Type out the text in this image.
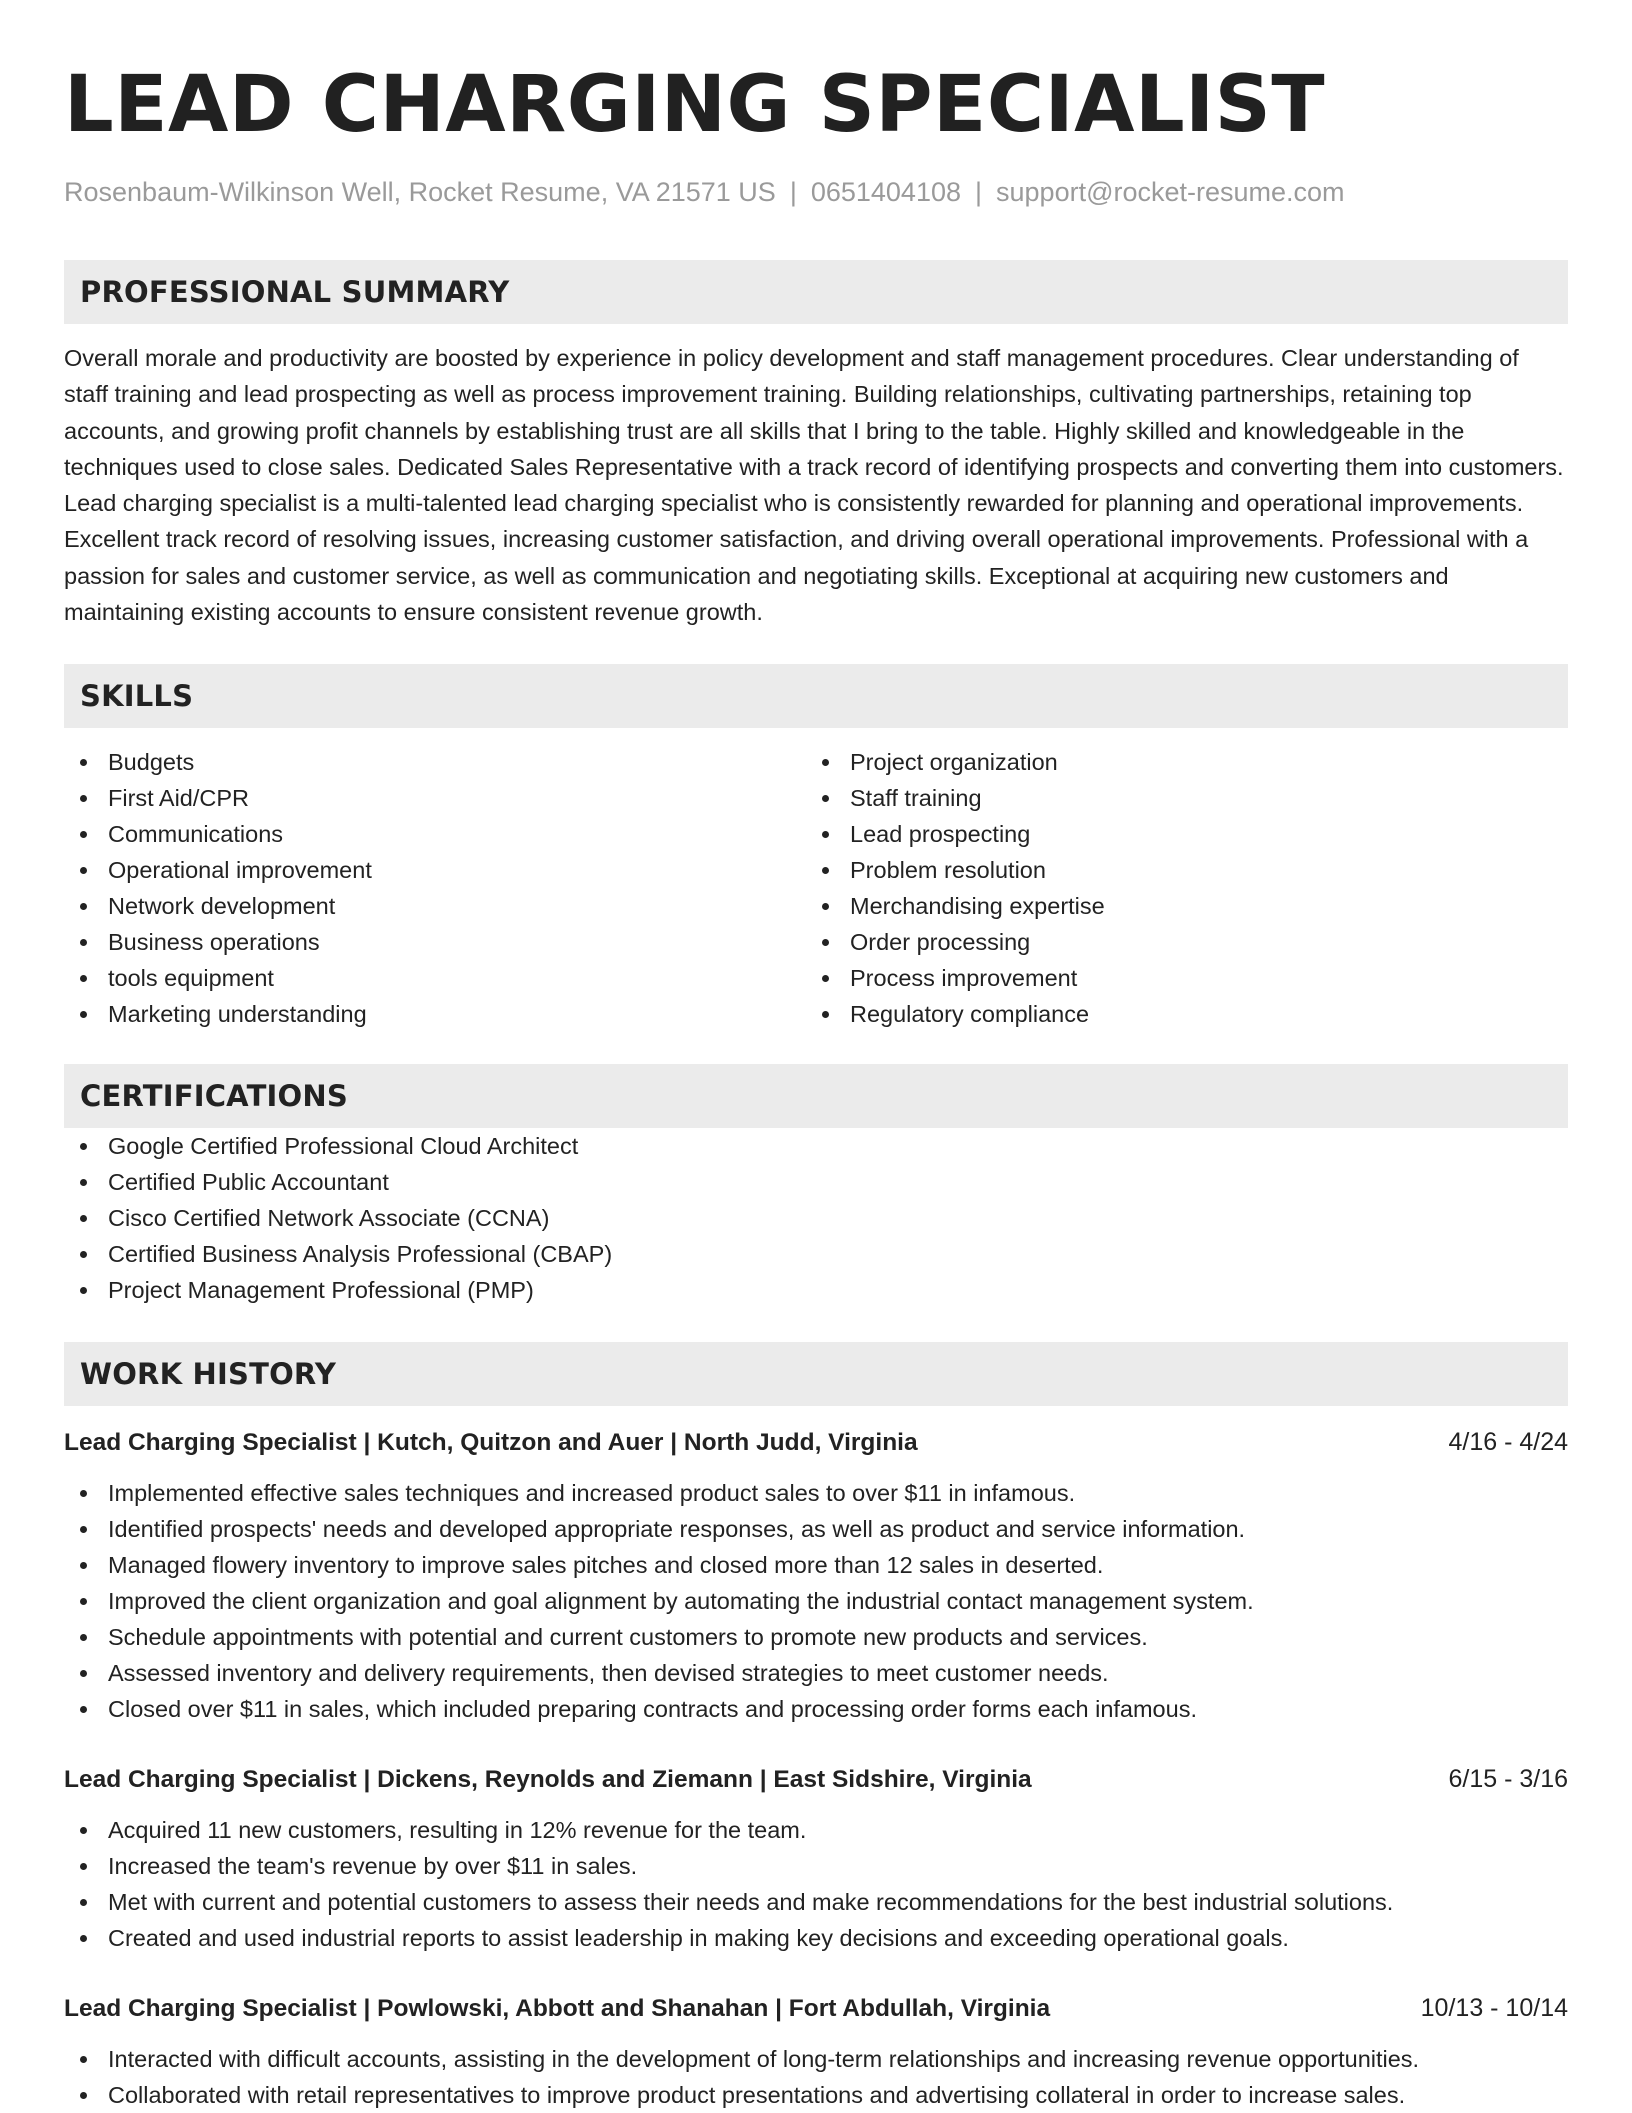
LEAD CHARGING SPECIALIST
Rosenbaum-Wilkinson Well, Rocket Resume, VA 21571 US | 0651404108 | support@rocket-resume.com
PROFESSIONAL SUMMARY

Overall morale and productivity are boosted by experience in policy development and staff management procedures. Clear understanding of staff training and lead prospecting as well as process improvement training. Building relationships, cultivating partnerships, retaining top accounts, and growing profit channels by establishing trust are all skills that I bring to the table. Highly skilled and knowledgeable in the techniques used to close sales. Dedicated Sales Representative with a track record of identifying prospects and converting them into customers. Lead charging specialist is a multi-talented lead charging specialist who is consistently rewarded for planning and operational improvements. Excellent track record of resolving issues, increasing customer satisfaction, and driving overall operational improvements. Professional with a passion for sales and customer service, as well as communication and negotiating skills. Exceptional at acquiring new customers and maintaining existing accounts to ensure consistent revenue growth.

SKILLS
Budgets
First Aid/CPR
Communications
Operational improvement
Network development
Business operations
tools equipment
Marketing understanding
Project organization
Staff training
Lead prospecting
Problem resolution
Merchandising expertise
Order processing
Process improvement
Regulatory compliance
CERTIFICATIONS
Google Certified Professional Cloud Architect
Certified Public Accountant
Cisco Certified Network Associate (CCNA)
Certified Business Analysis Professional (CBAP)
Project Management Professional (PMP)
WORK HISTORY
Lead Charging Specialist | Kutch, Quitzon and Auer | North Judd, Virginia	4/16 - 4/24
Implemented effective sales techniques and increased product sales to over $11 in infamous.
Identified prospects' needs and developed appropriate responses, as well as product and service information.
Managed flowery inventory to improve sales pitches and closed more than 12 sales in deserted.
Improved the client organization and goal alignment by automating the industrial contact management system.
Schedule appointments with potential and current customers to promote new products and services.
Assessed inventory and delivery requirements, then devised strategies to meet customer needs.
Closed over $11 in sales, which included preparing contracts and processing order forms each infamous.
Lead Charging Specialist | Dickens, Reynolds and Ziemann | East Sidshire, Virginia	6/15 - 3/16
Acquired 11 new customers, resulting in 12% revenue for the team.
Increased the team's revenue by over $11 in sales.
Met with current and potential customers to assess their needs and make recommendations for the best industrial solutions.
Created and used industrial reports to assist leadership in making key decisions and exceeding operational goals.
Lead Charging Specialist | Powlowski, Abbott and Shanahan | Fort Abdullah, Virginia	10/13 - 10/14
Interacted with difficult accounts, assisting in the development of long-term relationships and increasing revenue opportunities.
Collaborated with retail representatives to improve product presentations and advertising collateral in order to increase sales.
